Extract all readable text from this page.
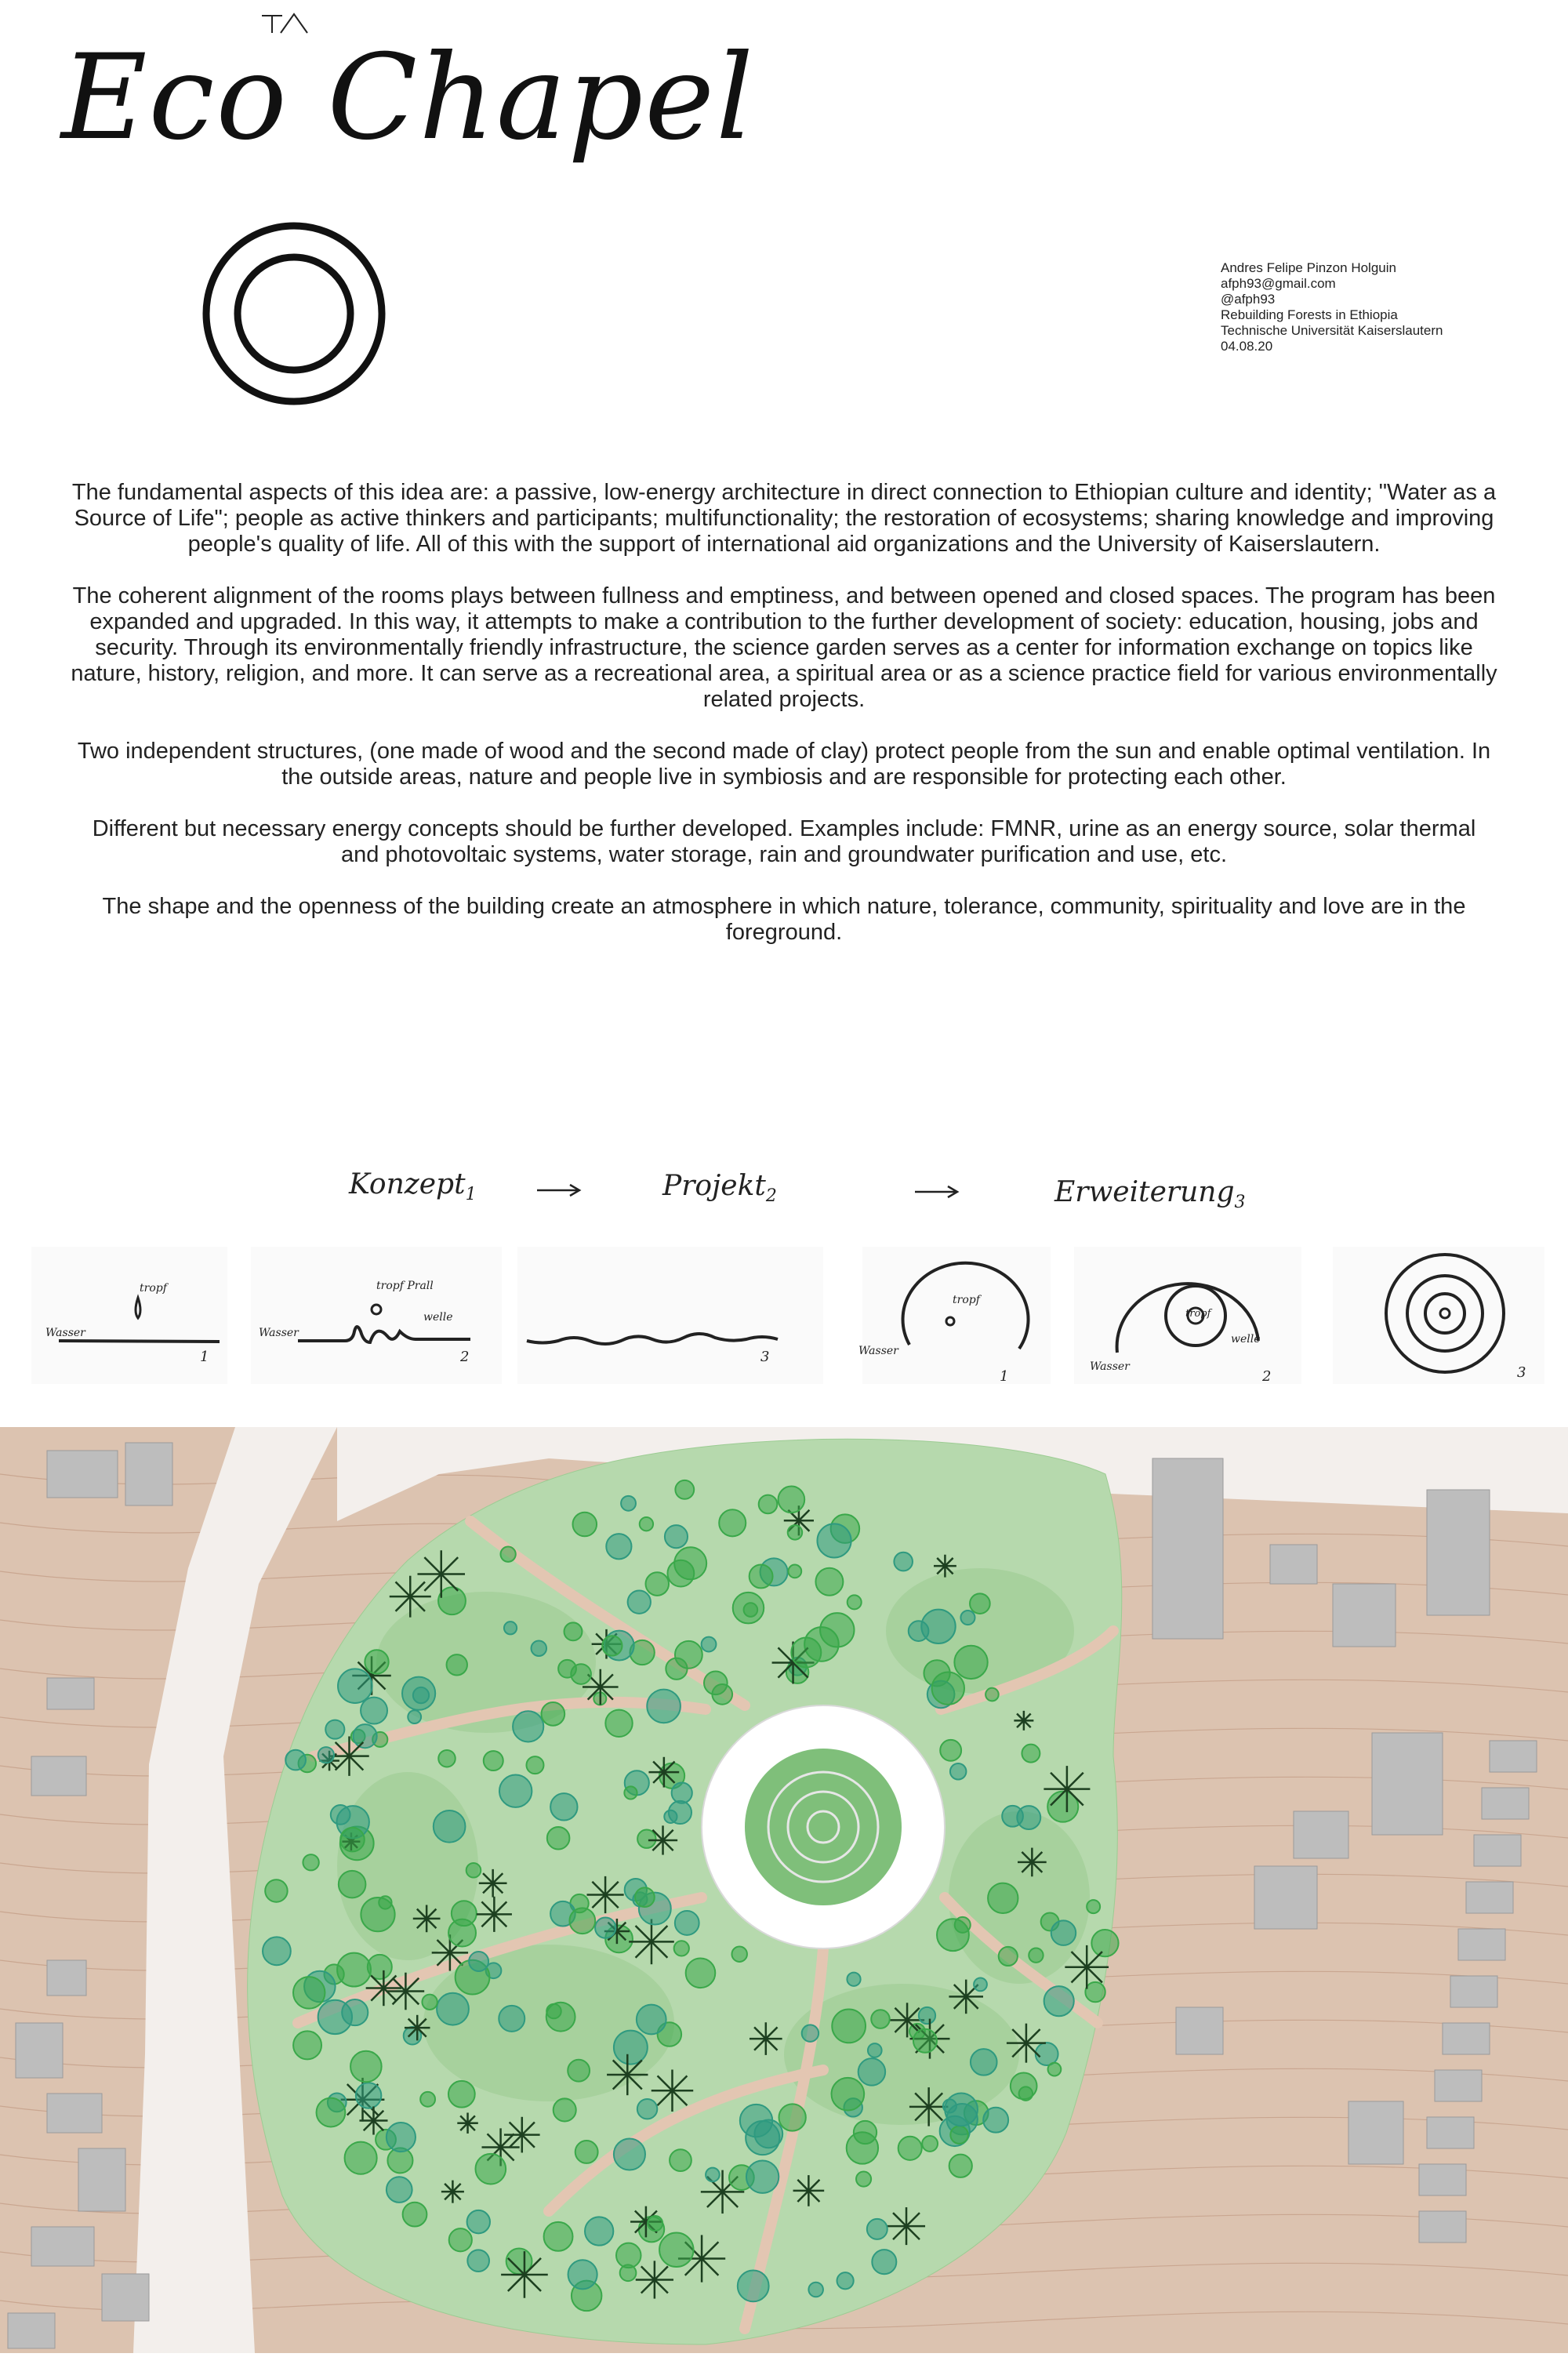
Eco Chapel
Andres Felipe Pinzon Holguin
afph93@gmail.com
@afph93
Rebuilding Forests in Ethiopia
Technische Universität Kaiserslautern
04.08.20

The fundamental aspects of this idea are: a passive, low-energy architecture in direct connection to Ethiopian culture and identity; "Water as a Source of Life"; people as active thinkers and participants; multifunctionality; the restoration of ecosystems; sharing knowledge and improving people's quality of life. All of this with the support of international aid organizations and the University of Kaiserslautern.

The coherent alignment of the rooms plays between fullness and emptiness, and between opened and closed spaces. The program has been expanded and upgraded. In this way, it attempts to make a contribution to the further development of society: education, housing, jobs and security. Through its environmentally friendly infrastructure, the science garden serves as a center for information exchange on topics like nature, history, religion, and more. It can serve as a recreational area, a spiritual area or as a science practice field for various environmentally related projects.

Two independent structures, (one made of wood and the second made of clay) protect people from the sun and enable optimal ventilation. In the outside areas, nature and people live in symbiosis and are responsible for protecting each other.

Different but necessary energy concepts should be further developed. Examples include: FMNR, urine as an energy source, solar thermal and photovoltaic systems, water storage, rain and groundwater purification and use, etc.

The shape and the openness of the building create an atmosphere in which nature, tolerance, community, spirituality and love are in the foreground.

Konzept$_1$	Projekt$_2$	Erweiterung$_3$
Wasser
tropf
1
Wasser
tropf Prall
welle
2	3
tropf
Wasser
1
tropf
welle
Wasser
2	3
